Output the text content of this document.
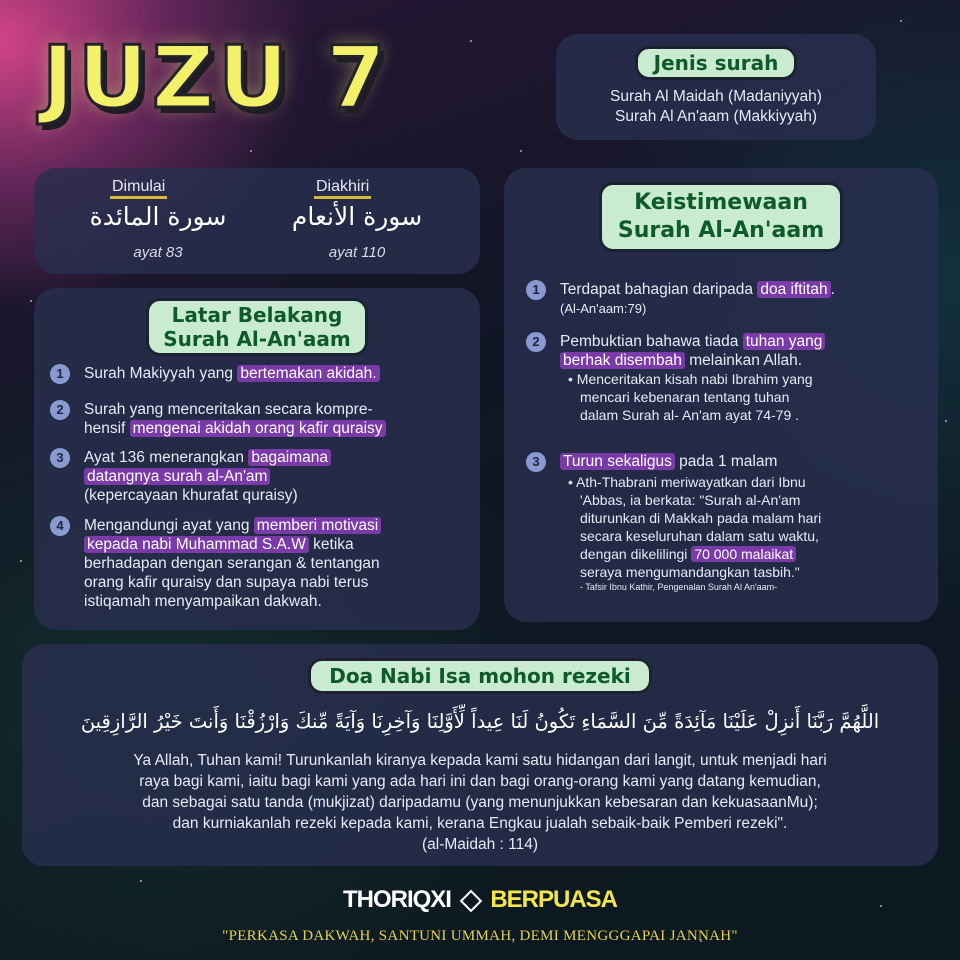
JUZU 7	Jenis surah
Surah Al Maidah (Madaniyyah)
Surah Al An'aam (Makkiyyah)
Dimulai
سورة المائدة
ayat 83
Diakhiri
سورة الأنعام
ayat 110
Latar Belakang
Surah Al-An'aam
1	Surah Makiyyah yang bertemakan akidah.
2	Surah yang menceritakan secara kompre-
hensif mengenai akidah orang kafir quraisy
3	Ayat 136 menerangkan bagaimana
datangnya surah al-An'am
(kepercayaan khurafat quraisy)
4	Mengandungi ayat yang memberi motivasi
kepada nabi Muhammad S.A.W ketika
berhadapan dengan serangan & tentangan
orang kafir quraisy dan supaya nabi terus
istiqamah menyampaikan dakwah.
Keistimewaan
Surah Al-An'aam
1	Terdapat bahagian daripada doa iftitah .
(Al-An'aam:79)
2	Pembuktian bahawa tiada tuhan yang
berhak disembah melainkan Allah.
• Menceritakan kisah nabi Ibrahim yang
mencari kebenaran tentang tuhan
dalam Surah al- An'am ayat 74-79 .
3	Turun sekaligus pada 1 malam
• Ath-Thabrani meriwayatkan dari Ibnu
'Abbas, ia berkata: "Surah al-An'am
diturunkan di Makkah pada malam hari
secara keseluruhan dalam satu waktu,
dengan dikelilingi 70 000 malaikat
seraya mengumandangkan tasbih."
- Tafsir Ibnu Kathir, Pengenalan Surah Al An'aam-
Doa Nabi Isa mohon rezeki
اللَّهُمَّ رَبَّنَا أَنزِلْ عَلَيْنَا مَآئِدَةً مِّنَ السَّمَاءِ تَكُونُ لَنَا عِيداً لِّأَوَّلِنَا وَآخِرِنَا وَآيَةً مِّنكَ وَارْزُقْنَا وَأَنتَ خَيْرُ الرَّازِقِينَ
Ya Allah, Tuhan kami! Turunkanlah kiranya kepada kami satu hidangan dari langit, untuk menjadi hari
raya bagi kami, iaitu bagi kami yang ada hari ini dan bagi orang-orang kami yang datang kemudian,
dan sebagai satu tanda (mukjizat) daripadamu (yang menunjukkan kebesaran dan kekuasaanMu);
dan kurniakanlah rezeki kepada kami, kerana Engkau jualah sebaik-baik Pemberi rezeki".
(al-Maidah : 114)
THORIQXI BERPUASA
"PERKASA DAKWAH, SANTUNI UMMAH, DEMI MENGGGAPAI JANNAH"
